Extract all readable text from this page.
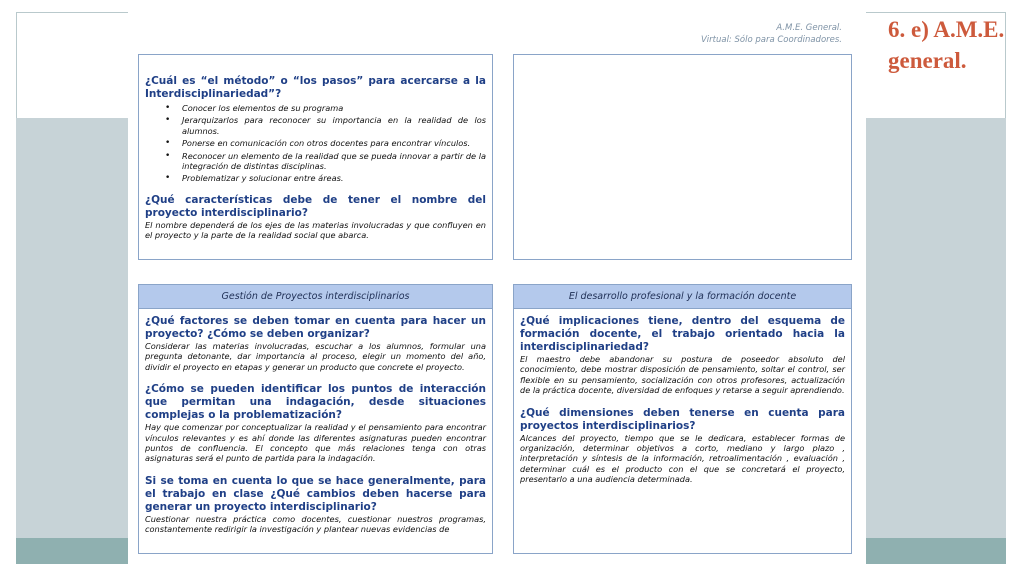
6. e) A.M.E. general.
A.M.E. General.
Virtual: Sólo para Coordinadores.
¿Cuál es “el método” o “los pasos” para acercarse a la Interdisciplinariedad”?
• Conocer los elementos de su programa
• Jerarquizarlos para reconocer su importancia en la realidad de los alumnos.
• Ponerse en comunicación con otros docentes para encontrar vínculos.
• Reconocer un elemento de la realidad que se pueda innovar a partir de la integración de distintas disciplinas.
• Problematizar y solucionar entre áreas.
¿Qué características debe de tener el nombre del proyecto interdisciplinario?
El nombre dependerá de los ejes de las materias involucradas y que confluyen en el proyecto y la parte de la realidad social que abarca.
Gestión de Proyectos interdisciplinarios
¿Qué factores se deben tomar en cuenta para hacer un proyecto? ¿Cómo se deben organizar?
Considerar las materias involucradas, escuchar a los alumnos, formular una pregunta detonante, dar importancia al proceso, elegir un momento del año, dividir el proyecto en etapas y generar un producto que concrete el proyecto.
¿Cómo se pueden identificar los puntos de interacción que permitan una indagación, desde situaciones complejas o la problematización?
Hay que comenzar por conceptualizar la realidad y el pensamiento para encontrar vínculos relevantes y es ahí donde las diferentes asignaturas pueden encontrar puntos de confluencia. El concepto que más relaciones tenga con otras asignaturas será el punto de partida para la indagación.
Si se toma en cuenta lo que se hace generalmente, para el trabajo en clase ¿Qué cambios deben hacerse para generar un proyecto interdisciplinario?
Cuestionar nuestra práctica como docentes, cuestionar nuestros programas, constantemente redirigir la investigación y plantear nuevas evidencias de
El desarrollo profesional y la formación docente
¿Qué implicaciones tiene, dentro del esquema de formación docente, el trabajo orientado hacia la interdisciplinariedad?
El maestro debe abandonar su postura de poseedor absoluto del conocimiento, debe mostrar disposición de pensamiento, soltar el control, ser flexible en su pensamiento, socialización con otros profesores, actualización de la práctica docente, diversidad de enfoques y retarse a seguir aprendiendo.
¿Qué dimensiones deben tenerse en cuenta para proyectos interdisciplinarios?
Alcances del proyecto, tiempo que se le dedicara, establecer formas de organización, determinar objetivos a corto, mediano y largo plazo , interpretación y síntesis de la información, retroalimentación , evaluación , determinar cuál es el producto con el que se concretará el proyecto, presentarlo a una audiencia determinada.
